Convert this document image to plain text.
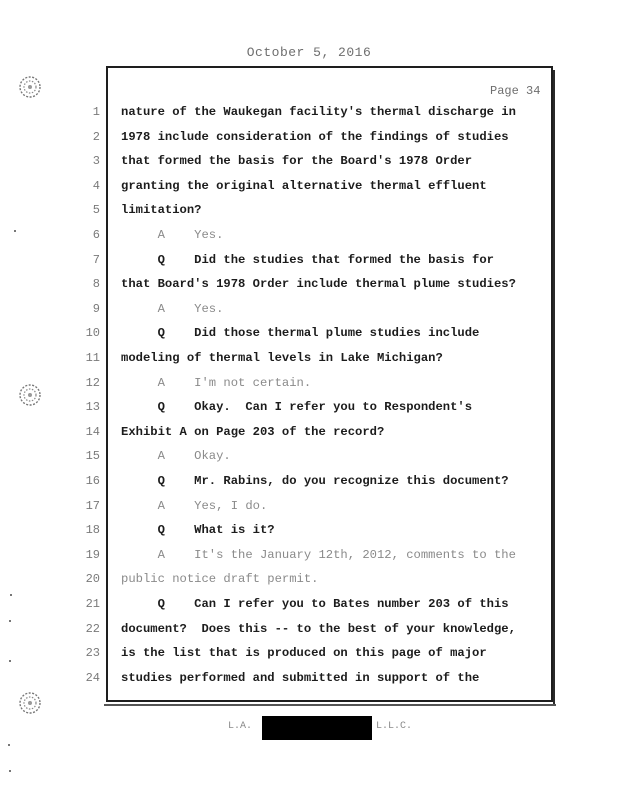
October 5, 2016
Page 34
1 nature of the Waukegan facility's thermal discharge in
2 1978 include consideration of the findings of studies
3 that formed the basis for the Board's 1978 Order
4 granting the original alternative thermal effluent
5 limitation?
6 A    Yes.
7 Q    Did the studies that formed the basis for
8 that Board's 1978 Order include thermal plume studies?
9 A    Yes.
10 Q    Did those thermal plume studies include
11 modeling of thermal levels in Lake Michigan?
12 A    I'm not certain.
13 Q    Okay.  Can I refer you to Respondent's
14 Exhibit A on Page 203 of the record?
15 A    Okay.
16 Q    Mr. Rabins, do you recognize this document?
17 A    Yes, I do.
18 Q    What is it?
19 A    It's the January 12th, 2012, comments to the
20 public notice draft permit.
21 Q    Can I refer you to Bates number 203 of this
22 document?  Does this -- to the best of your knowledge,
23 is the list that is produced on this page of major
24 studies performed and submitted in support of the
L.A.	L.L.C.
